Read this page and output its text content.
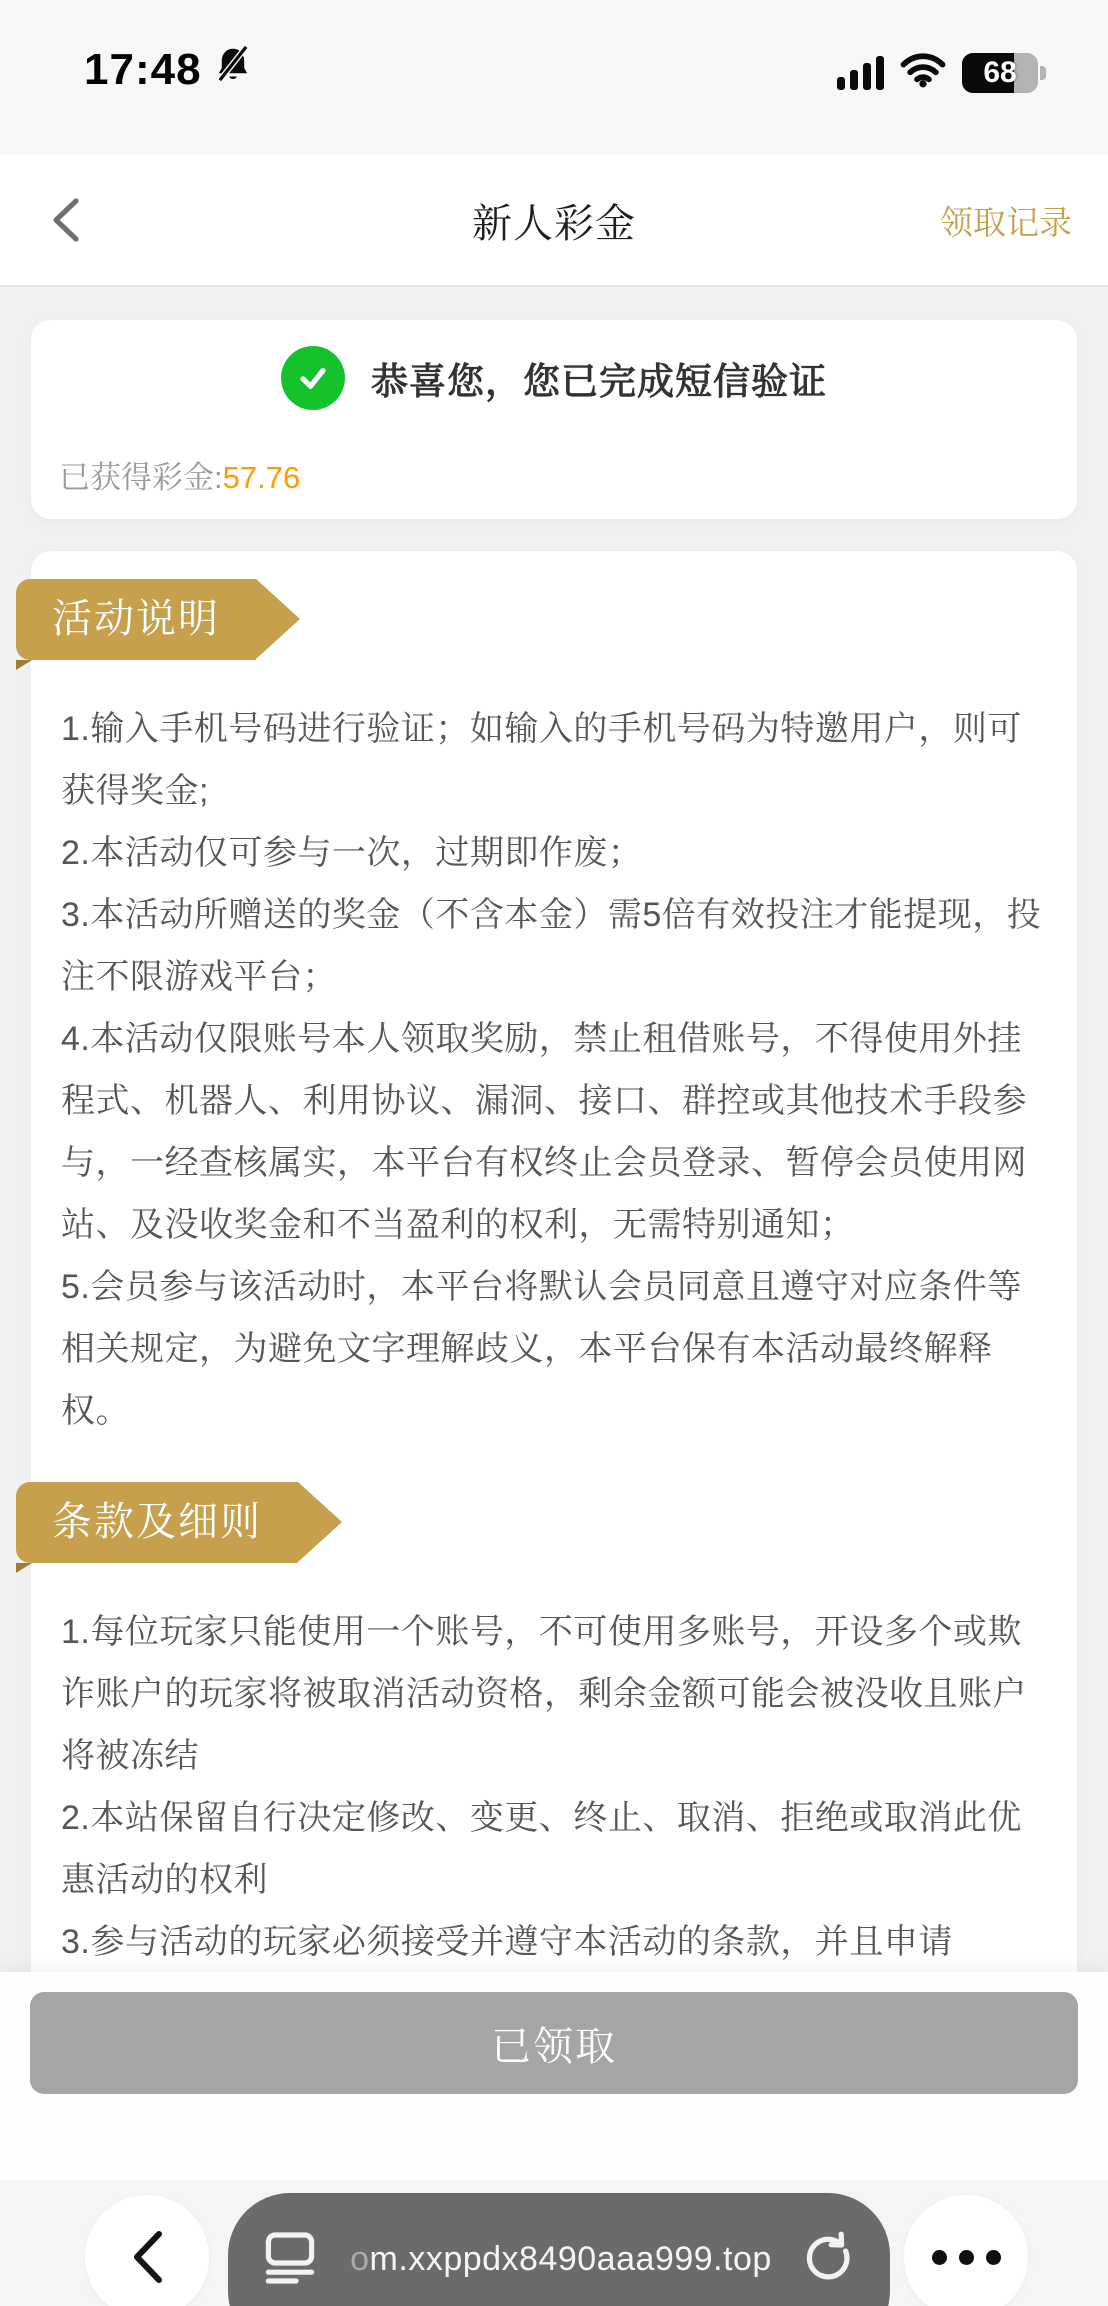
17:48	68
新人彩金	领取记录
恭喜您，您已完成短信验证
已获得彩金:57.76
活动说明
1.输入手机号码进行验证；如输入的手机号码为特邀用户，则可获得奖金;
2.本活动仅可参与一次，过期即作废；
3.本活动所赠送的奖金（不含本金）需5倍有效投注才能提现，投注不限游戏平台；
4.本活动仅限账号本人领取奖励，禁止租借账号，不得使用外挂程式、机器人、利用协议、漏洞、接口、群控或其他技术手段参与，一经查核属实，本平台有权终止会员登录、暂停会员使用网站、及没收奖金和不当盈利的权利，无需特别通知；
5.会员参与该活动时，本平台将默认会员同意且遵守对应条件等相关规定，为避免文字理解歧义，本平台保有本活动最终解释权。
条款及细则
1.每位玩家只能使用一个账号，不可使用多账号，开设多个或欺诈账户的玩家将被取消活动资格，剩余金额可能会被没收且账户将被冻结
2.本站保留自行决定修改、变更、终止、取消、拒绝或取消此优惠活动的权利
3.参与活动的玩家必须接受并遵守本活动的条款，并且申请
已领取
om.xxppdx8490aaa999.top
